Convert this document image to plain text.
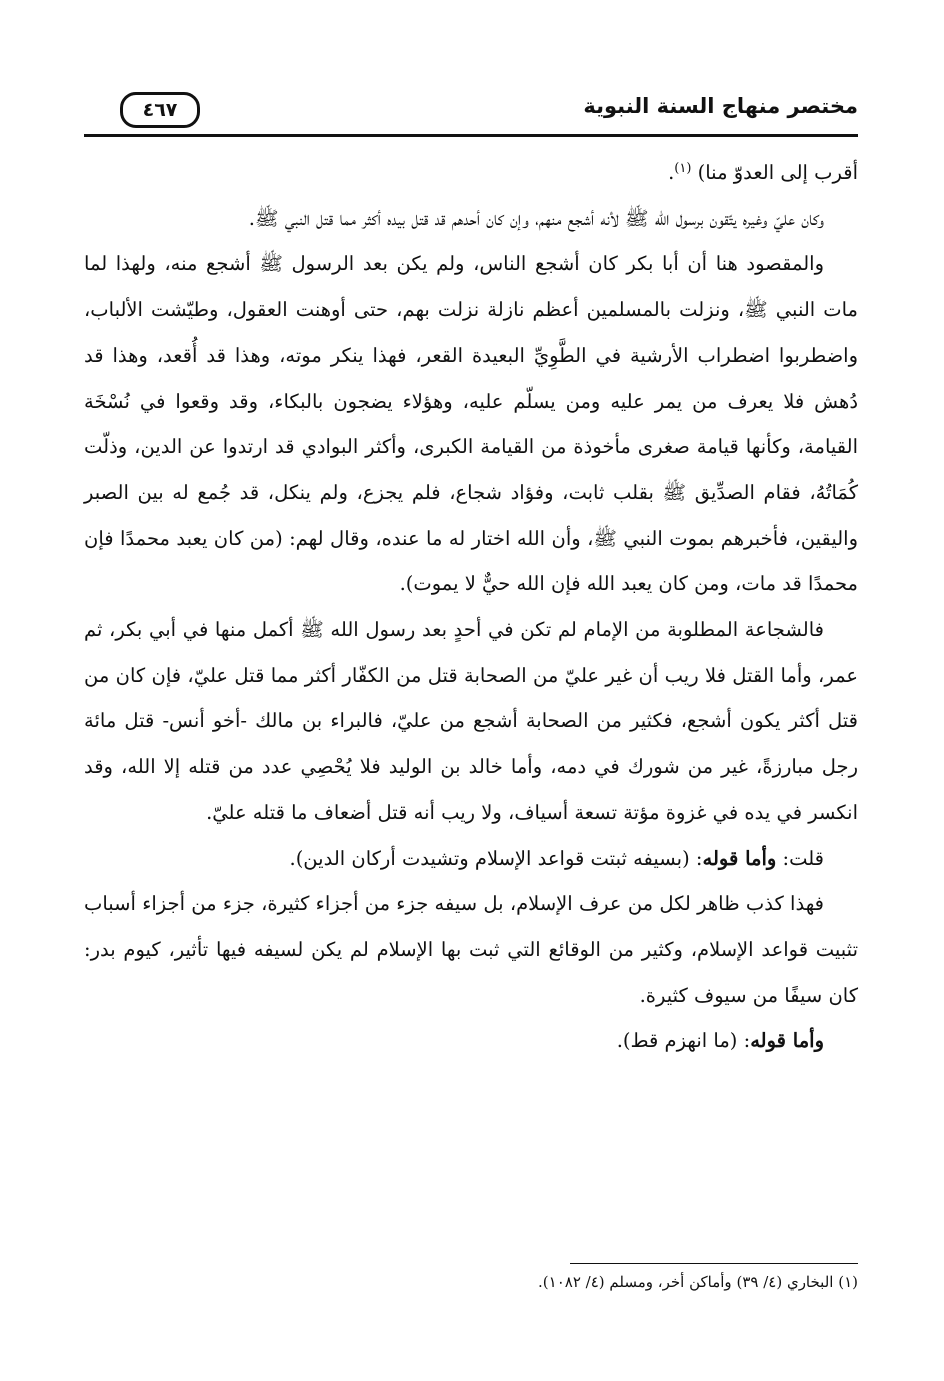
مختصر منهاج السنة النبوية
٤٦٧

أقرب إلى العدوّ منا) $^{(١)}$.

وكان عليّ وغيره يتّقون برسول الله ﷺ لأنه أشجع منهم، وإن كان أحدهم قد قتل بيده أكثر مما قتل النبي ﷺ.

والمقصود هنا أن أبا بكر كان أشجع الناس، ولم يكن بعد الرسول ﷺ أشجع منه، ولهذا لما مات النبي ﷺ، ونزلت بالمسلمين أعظم نازلة نزلت بهم، حتى أوهنت العقول، وطيّشت الألباب، واضطربوا اضطراب الأرشية في الطَّوِيِّ البعيدة القعر، فهذا ينكر موته، وهذا قد أُقعد، وهذا قد دُهش فلا يعرف من يمر عليه ومن يسلّم عليه، وهؤلاء يضجون بالبكاء، وقد وقعوا في نُسْخَة القيامة، وكأنها قيامة صغرى مأخوذة من القيامة الكبرى، وأكثر البوادي قد ارتدوا عن الدين، وذلّت كُمَاتُهُ، فقام الصدِّيق ﷺ بقلب ثابت، وفؤاد شجاع، فلم يجزع، ولم ينكل، قد جُمع له بين الصبر واليقين، فأخبرهم بموت النبي ﷺ، وأن الله اختار له ما عنده، وقال لهم: (من كان يعبد محمدًا فإن محمدًا قد مات، ومن كان يعبد الله فإن الله حيٌّ لا يموت).

فالشجاعة المطلوبة من الإمام لم تكن في أحدٍ بعد رسول الله ﷺ أكمل منها في أبي بكر، ثم عمر، وأما القتل فلا ريب أن غير عليّ من الصحابة قتل من الكفّار أكثر مما قتل عليّ، فإن كان من قتل أكثر يكون أشجع، فكثير من الصحابة أشجع من عليّ، فالبراء بن مالك -أخو أنس- قتل مائة رجل مبارزةً، غير من شورك في دمه، وأما خالد بن الوليد فلا يُحْصِي عدد من قتله إلا الله، وقد انكسر في يده في غزوة مؤتة تسعة أسياف، ولا ريب أنه قتل أضعاف ما قتله عليّ.

قلت: وأما قوله: (بسيفه ثبتت قواعد الإسلام وتشيدت أركان الدين).

فهذا كذب ظاهر لكل من عرف الإسلام، بل سيفه جزء من أجزاء كثيرة، جزء من أجزاء أسباب تثبيت قواعد الإسلام، وكثير من الوقائع التي ثبت بها الإسلام لم يكن لسيفه فيها تأثير، كيوم بدر: كان سيفًا من سيوف كثيرة.

وأما قوله: (ما انهزم قط).

(١) البخاري (٤/ ٣٩) وأماكن أخر، ومسلم (٤/ ١٠٨٢).
